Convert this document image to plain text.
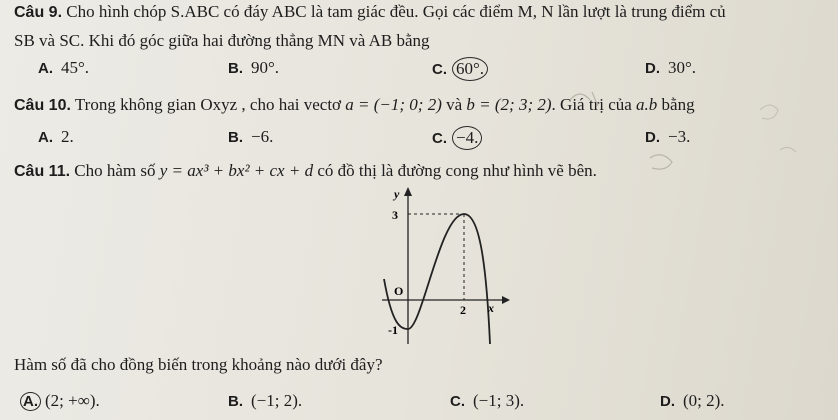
Câu 9. Cho hình chóp S.ABC có đáy ABC là tam giác đều. Gọi các điểm M, N lần lượt là trung điểm củ
SB và SC. Khi đó góc giữa hai đường thẳng MN và AB bằng
A. 45°.	B. 90°.	C. 60°.	D. 30°.
Câu 10. Trong không gian Oxyz , cho hai vectơ a = (−1; 0; 2) và b = (2; 3; 2). Giá trị của a.b bằng
A. 2.	B. −6.	C. −4.	D. −3.
Câu 11. Cho hàm số y = ax³ + bx² + cx + d có đồ thị là đường cong như hình vẽ bên.
y
3
O
2 x
-1
Hàm số đã cho đồng biến trong khoảng nào dưới đây?
A. (2; +∞).	B. (−1; 2).	C. (−1; 3).	D. (0; 2).
